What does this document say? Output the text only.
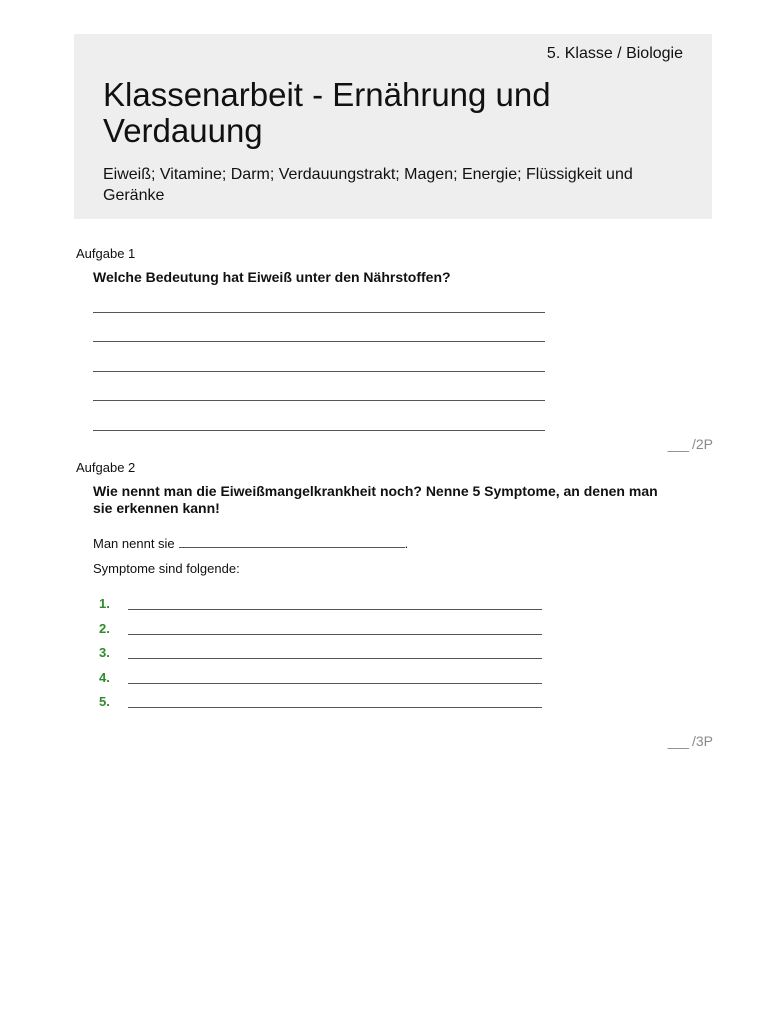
5. Klasse / Biologie
Klassenarbeit - Ernährung und Verdauung
Eiweiß; Vitamine; Darm; Verdauungstrakt; Magen; Energie; Flüssigkeit und Geränke
Aufgabe 1
Welche Bedeutung hat Eiweiß unter den Nährstoffen?
___ /2P
Aufgabe 2
Wie nennt man die Eiweißmangelkrankheit noch? Nenne 5 Symptome, an denen man sie erkennen kann!
Man nennt sie	.
Symptome sind folgende:
1.
2.
3.
4.
5.
___ /3P
